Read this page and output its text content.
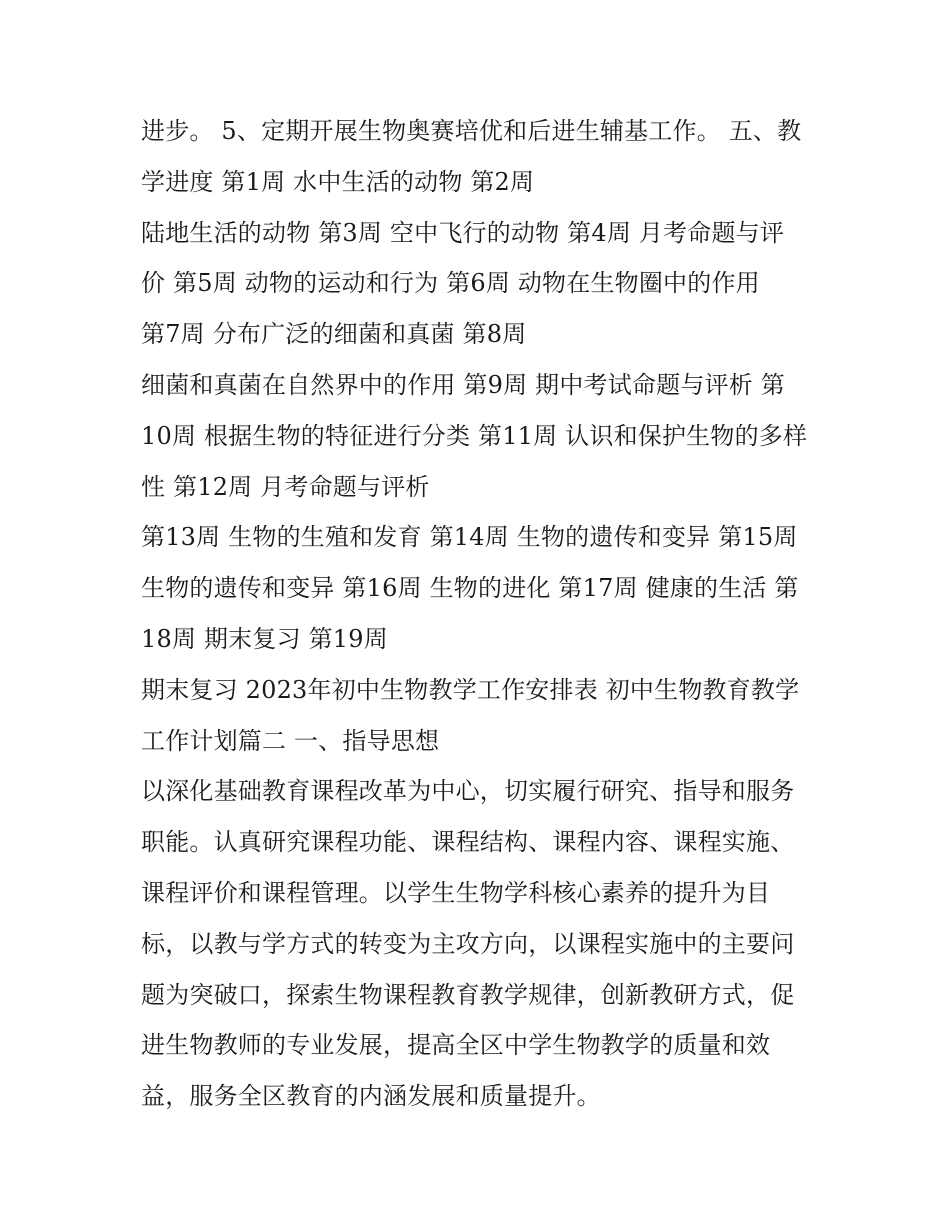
进步。 5、定期开展生物奥赛培优和后进生辅基工作。 五、教
学进度 第1周 水中生活的动物 第2周
陆地生活的动物 第3周 空中飞行的动物 第4周 月考命题与评
价 第5周 动物的运动和行为 第6周 动物在生物圈中的作用
第7周 分布广泛的细菌和真菌 第8周
细菌和真菌在自然界中的作用 第9周 期中考试命题与评析 第
10周 根据生物的特征进行分类 第11周 认识和保护生物的多样
性 第12周 月考命题与评析
第13周 生物的生殖和发育 第14周 生物的遗传和变异 第15周
生物的遗传和变异 第16周 生物的进化 第17周 健康的生活 第
18周 期末复习 第19周
期末复习 2023年初中生物教学工作安排表 初中生物教育教学
工作计划篇二 一、指导思想
以深化基础教育课程改革为中心，切实履行研究、指导和服务
职能。认真研究课程功能、课程结构、课程内容、课程实施、
课程评价和课程管理。以学生生物学科核心素养的提升为目
标，以教与学方式的转变为主攻方向，以课程实施中的主要问
题为突破口，探索生物课程教育教学规律，创新教研方式，促
进生物教师的专业发展，提高全区中学生物教学的质量和效
益，服务全区教育的内涵发展和质量提升。
